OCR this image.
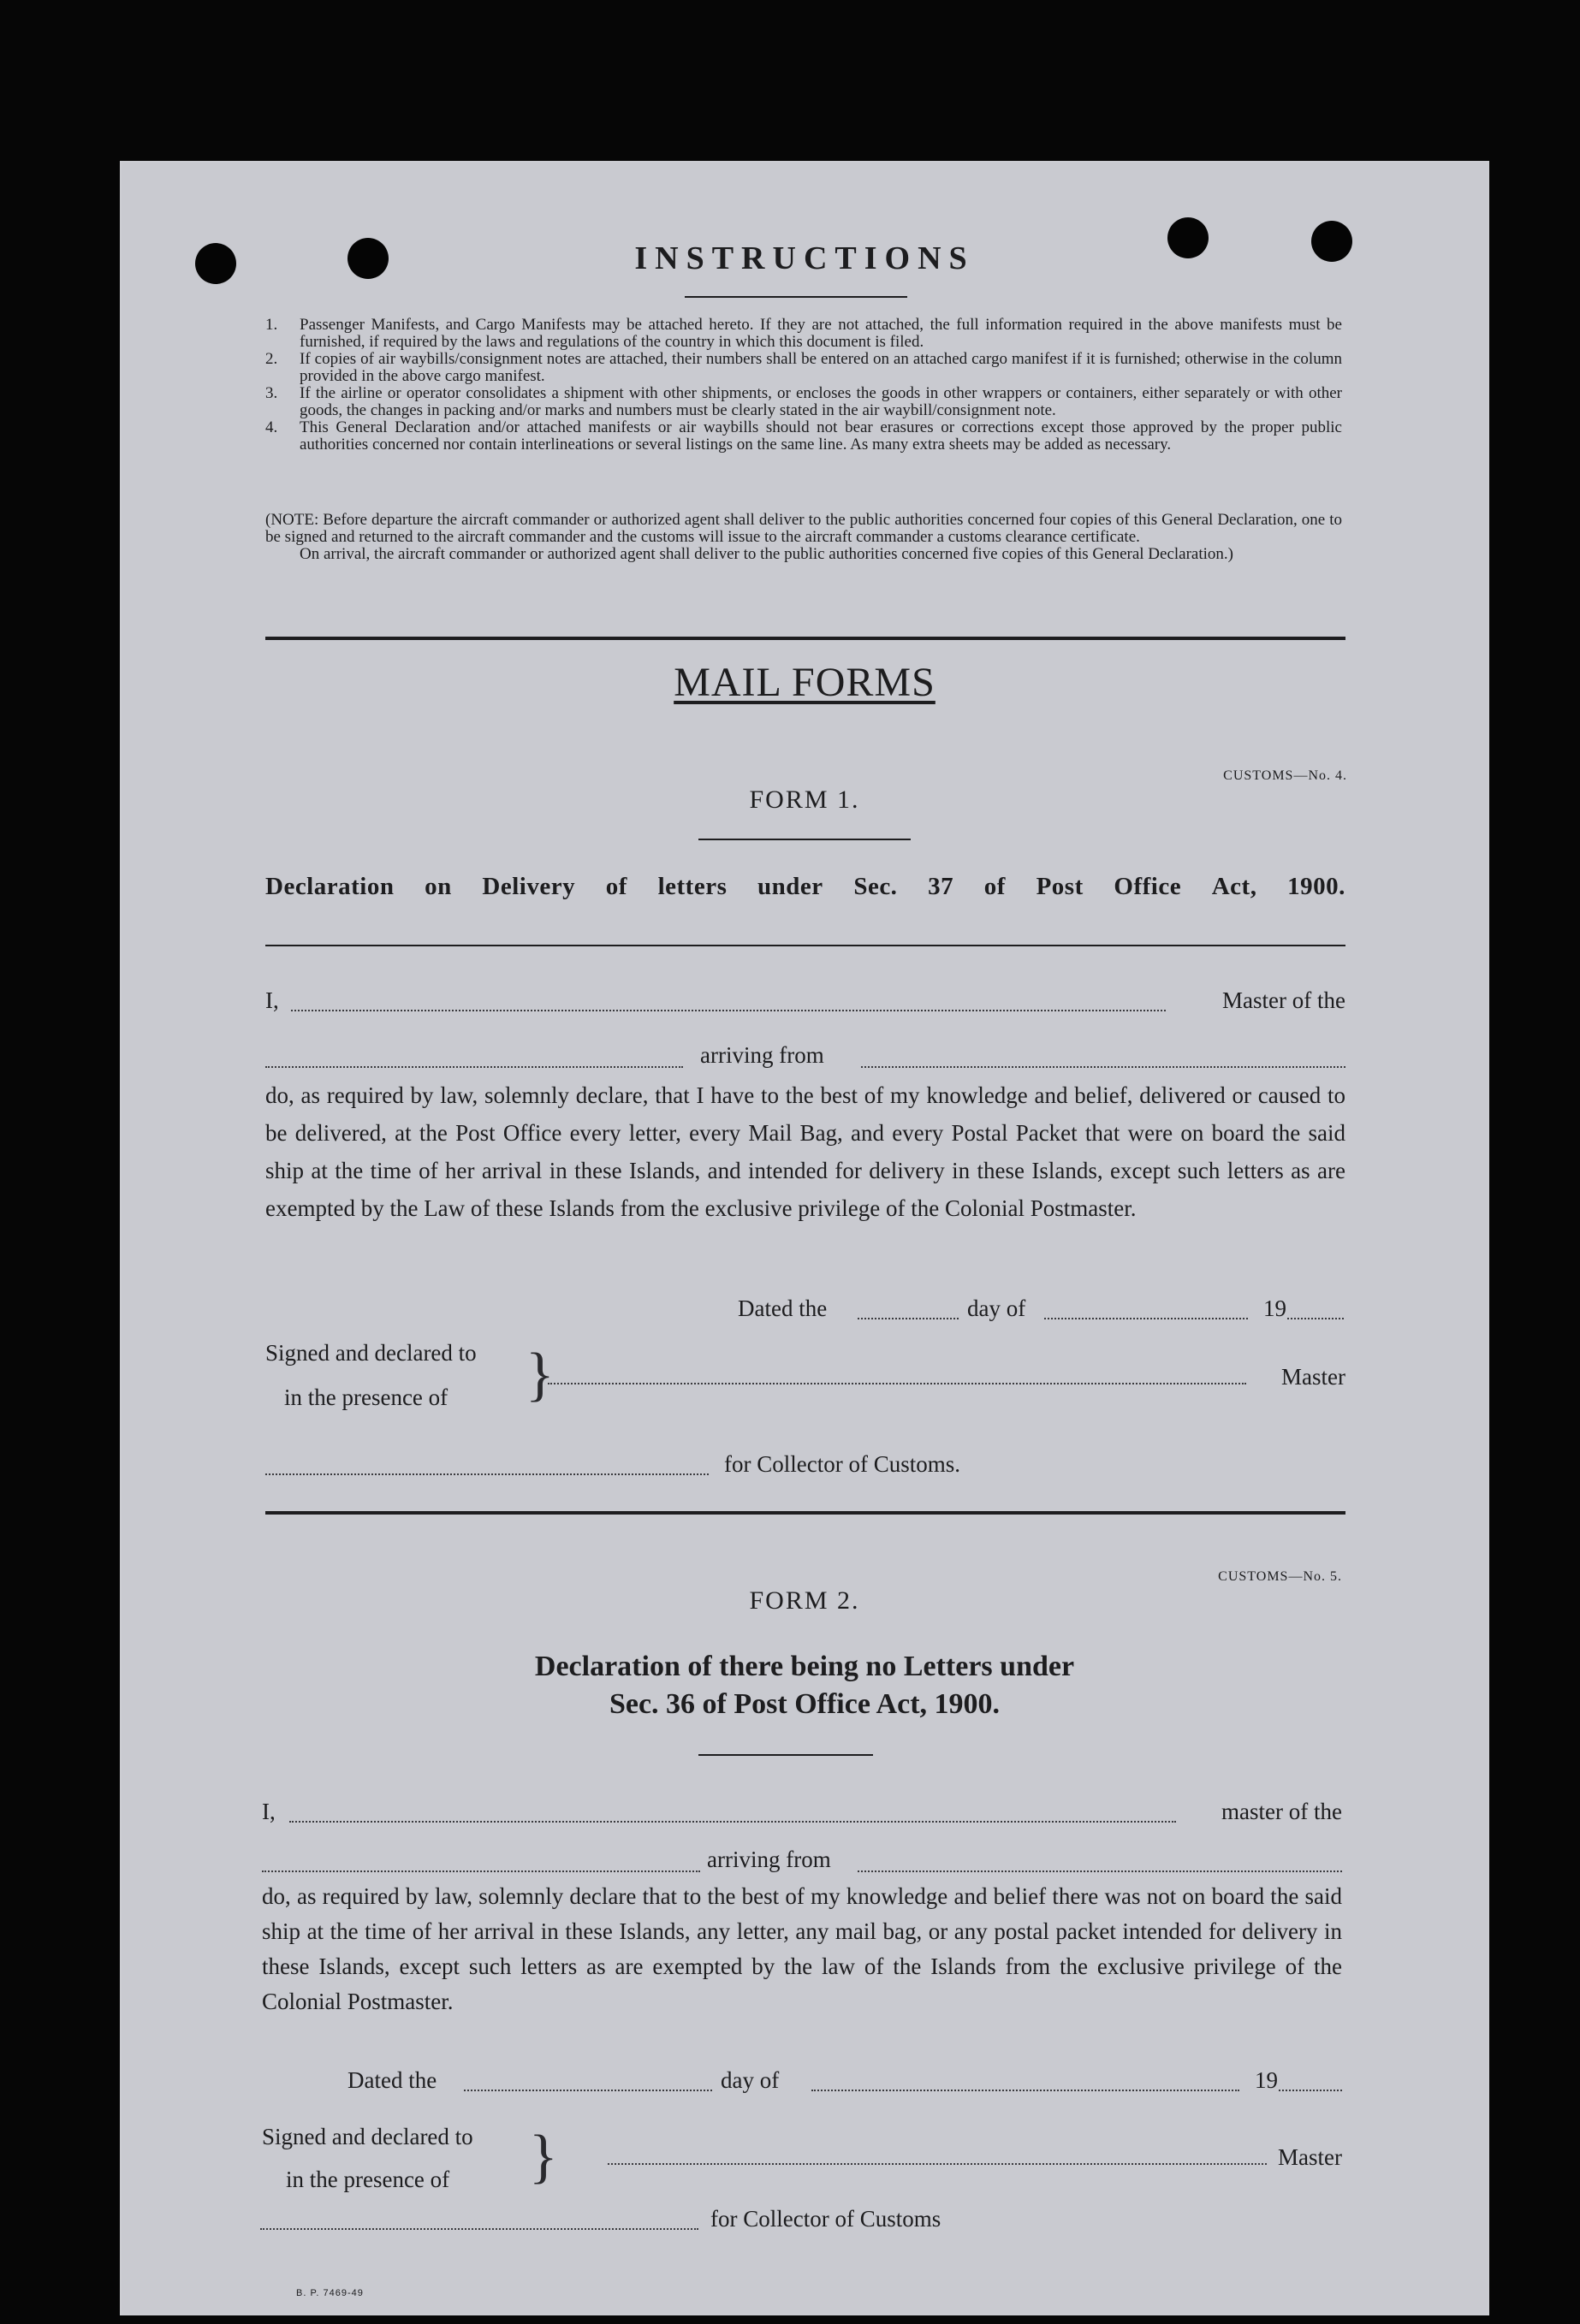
INSTRUCTIONS
1. Passenger Manifests, and Cargo Manifests may be attached hereto. If they are not attached, the full information required in the above manifests must be furnished, if required by the laws and regulations of the country in which this document is filed.
2. If copies of air waybills/consignment notes are attached, their numbers shall be entered on an attached cargo manifest if it is furnished; otherwise in the column provided in the above cargo manifest.
3. If the airline or operator consolidates a shipment with other shipments, or encloses the goods in other wrappers or containers, either separately or with other goods, the changes in packing and/or marks and numbers must be clearly stated in the air waybill/consignment note.
4. This General Declaration and/or attached manifests or air waybills should not bear erasures or corrections except those approved by the proper public authorities concerned nor contain interlineations or several listings on the same line. As many extra sheets may be added as necessary.
(NOTE: Before departure the aircraft commander or authorized agent shall deliver to the public authorities concerned four copies of this General Declaration, one to be signed and returned to the aircraft commander and the customs will issue to the aircraft commander a customs clearance certificate.
On arrival, the aircraft commander or authorized agent shall deliver to the public authorities concerned five copies of this General Declaration.)
MAIL FORMS
CUSTOMS—No. 4.
FORM 1.
Declaration on Delivery of letters under Sec. 37 of Post Office Act, 1900.
I,	Master of the
arriving from
do, as required by law, solemnly declare, that I have to the best of my knowledge and belief, delivered or caused to be delivered, at the Post Office every letter, every Mail Bag, and every Postal Packet that were on board the said ship at the time of her arrival in these Islands, and intended for delivery in these Islands, except such letters as are exempted by the Law of these Islands from the exclusive privilege of the Colonial Postmaster.
Dated the	day of	19
Signed and declared to
in the presence of }	Master
for Collector of Customs.
CUSTOMS—No. 5.
FORM 2.
Declaration of there being no Letters under
Sec. 36 of Post Office Act, 1900.
I,	master of the
arriving from
do, as required by law, solemnly declare that to the best of my knowledge and belief there was not on board the said ship at the time of her arrival in these Islands, any letter, any mail bag, or any postal packet intended for delivery in these Islands, except such letters as are exempted by the law of the Islands from the exclusive privilege of the Colonial Postmaster.
Dated the	day of	19
Signed and declared to
in the presence of }	Master
for Collector of Customs
B. P. 7469-49
